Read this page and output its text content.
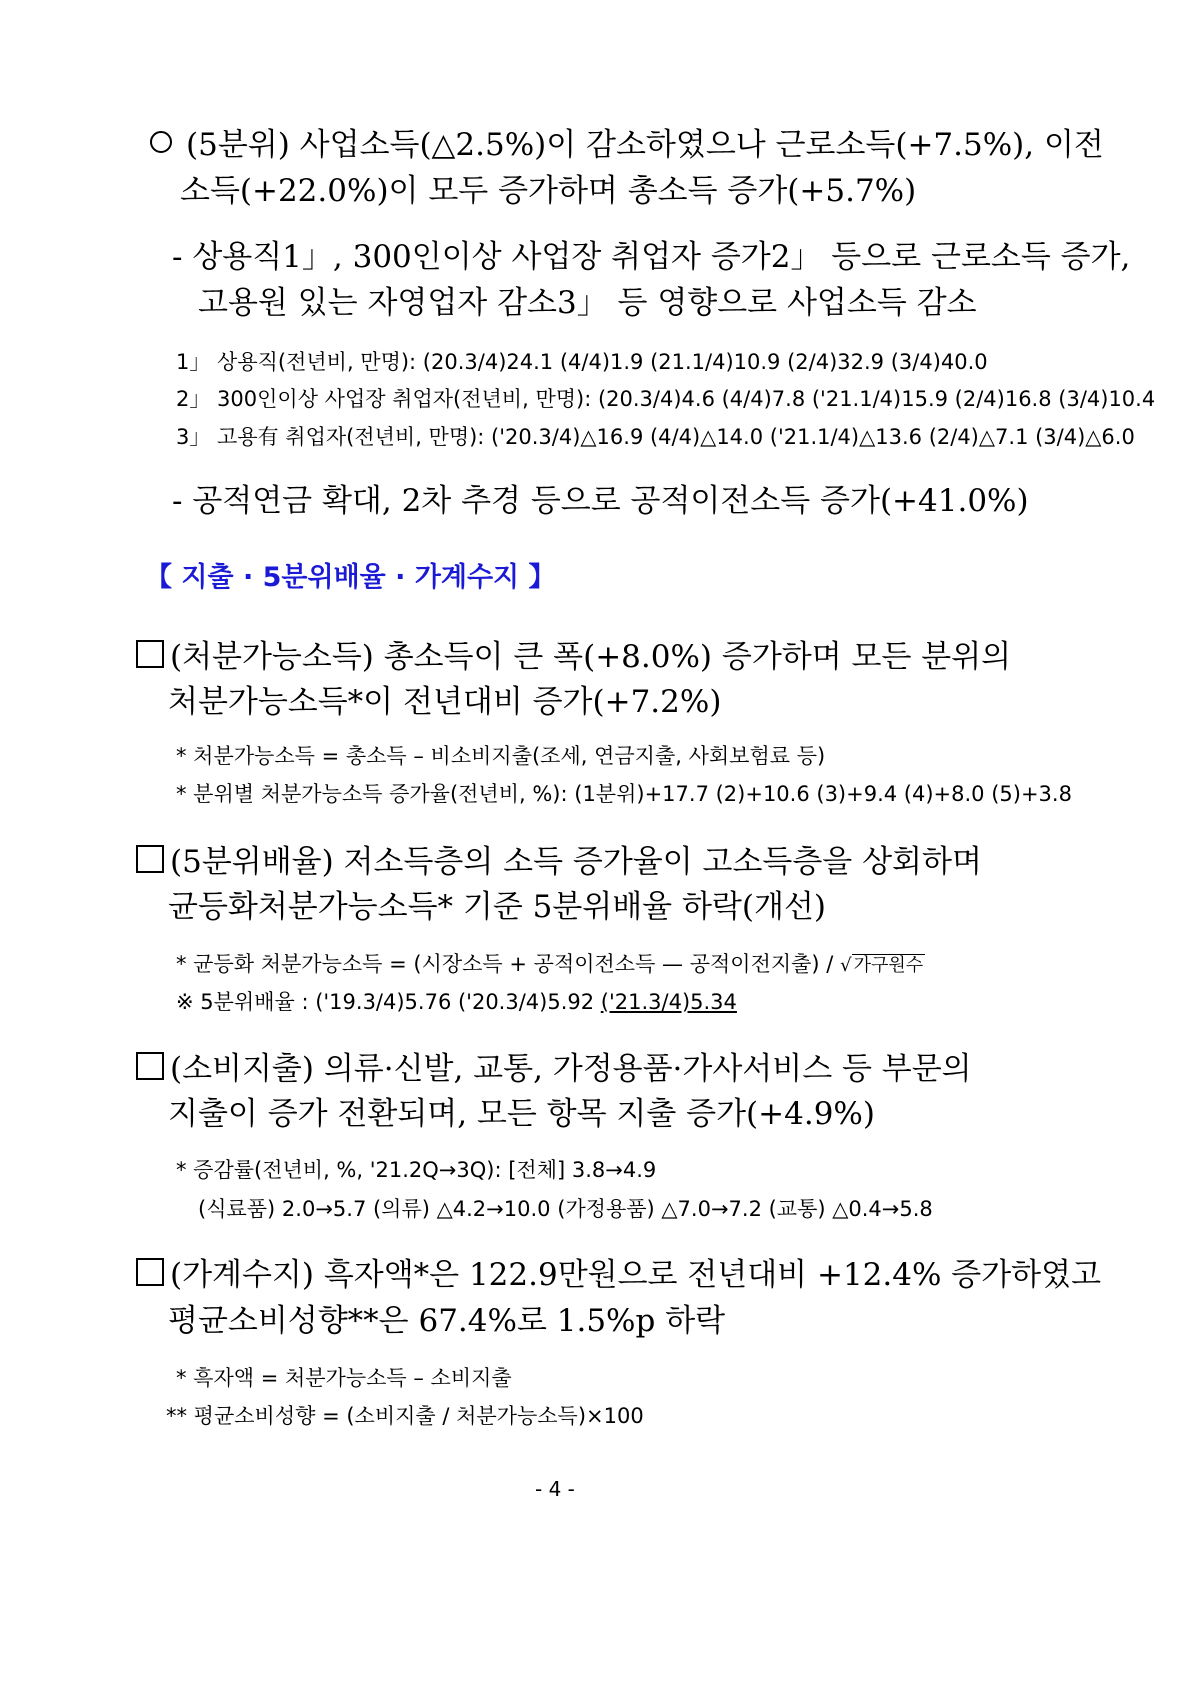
(5분위) 사업소득(△2.5%)이 감소하였으나 근로소득(+7.5%), 이전
소득(+22.0%)이 모두 증가하며 총소득 증가(+5.7%)
- 상용직1」, 300인이상 사업장 취업자 증가2」 등으로 근로소득 증가,
고용원 있는 자영업자 감소3」 등 영향으로 사업소득 감소
1」 상용직(전년비, 만명): (20.3/4)24.1 (4/4)1.9 (21.1/4)10.9 (2/4)32.9 (3/4)40.0
2」 300인이상 사업장 취업자(전년비, 만명): (20.3/4)4.6 (4/4)7.8 ('21.1/4)15.9 (2/4)16.8 (3/4)10.4
3」 고용有 취업자(전년비, 만명): ('20.3/4)△16.9 (4/4)△14.0 ('21.1/4)△13.6 (2/4)△7.1 (3/4)△6.0
- 공적연금 확대, 2차 추경 등으로 공적이전소득 증가(+41.0%)
【 지출 · 5분위배율 · 가계수지 】
(처분가능소득) 총소득이 큰 폭(+8.0%) 증가하며 모든 분위의
처분가능소득*이 전년대비 증가(+7.2%)
* 처분가능소득 = 총소득 – 비소비지출(조세, 연금지출, 사회보험료 등)
* 분위별 처분가능소득 증가율(전년비, %): (1분위)+17.7 (2)+10.6 (3)+9.4 (4)+8.0 (5)+3.8
(5분위배율) 저소득층의 소득 증가율이 고소득층을 상회하며
균등화처분가능소득* 기준 5분위배율 하락(개선)
* 균등화 처분가능소득 = (시장소득 + 공적이전소득 — 공적이전지출) / √ 가구원수
※ 5분위배율 : ('19.3/4)5.76 ('20.3/4)5.92 ('21.3/4)5.34
(소비지출) 의류·신발, 교통, 가정용품·가사서비스 등 부문의
지출이 증가 전환되며, 모든 항목 지출 증가(+4.9%)
* 증감률(전년비, %, '21.2Q→3Q): [전체] 3.8→4.9
(식료품) 2.0→5.7 (의류) △4.2→10.0 (가정용품) △7.0→7.2 (교통) △0.4→5.8
(가계수지) 흑자액*은 122.9만원으로 전년대비 +12.4% 증가하였고
평균소비성향**은 67.4%로 1.5%p 하락
* 흑자액 = 처분가능소득 – 소비지출
** 평균소비성향 = (소비지출 / 처분가능소득)×100
- 4 -
